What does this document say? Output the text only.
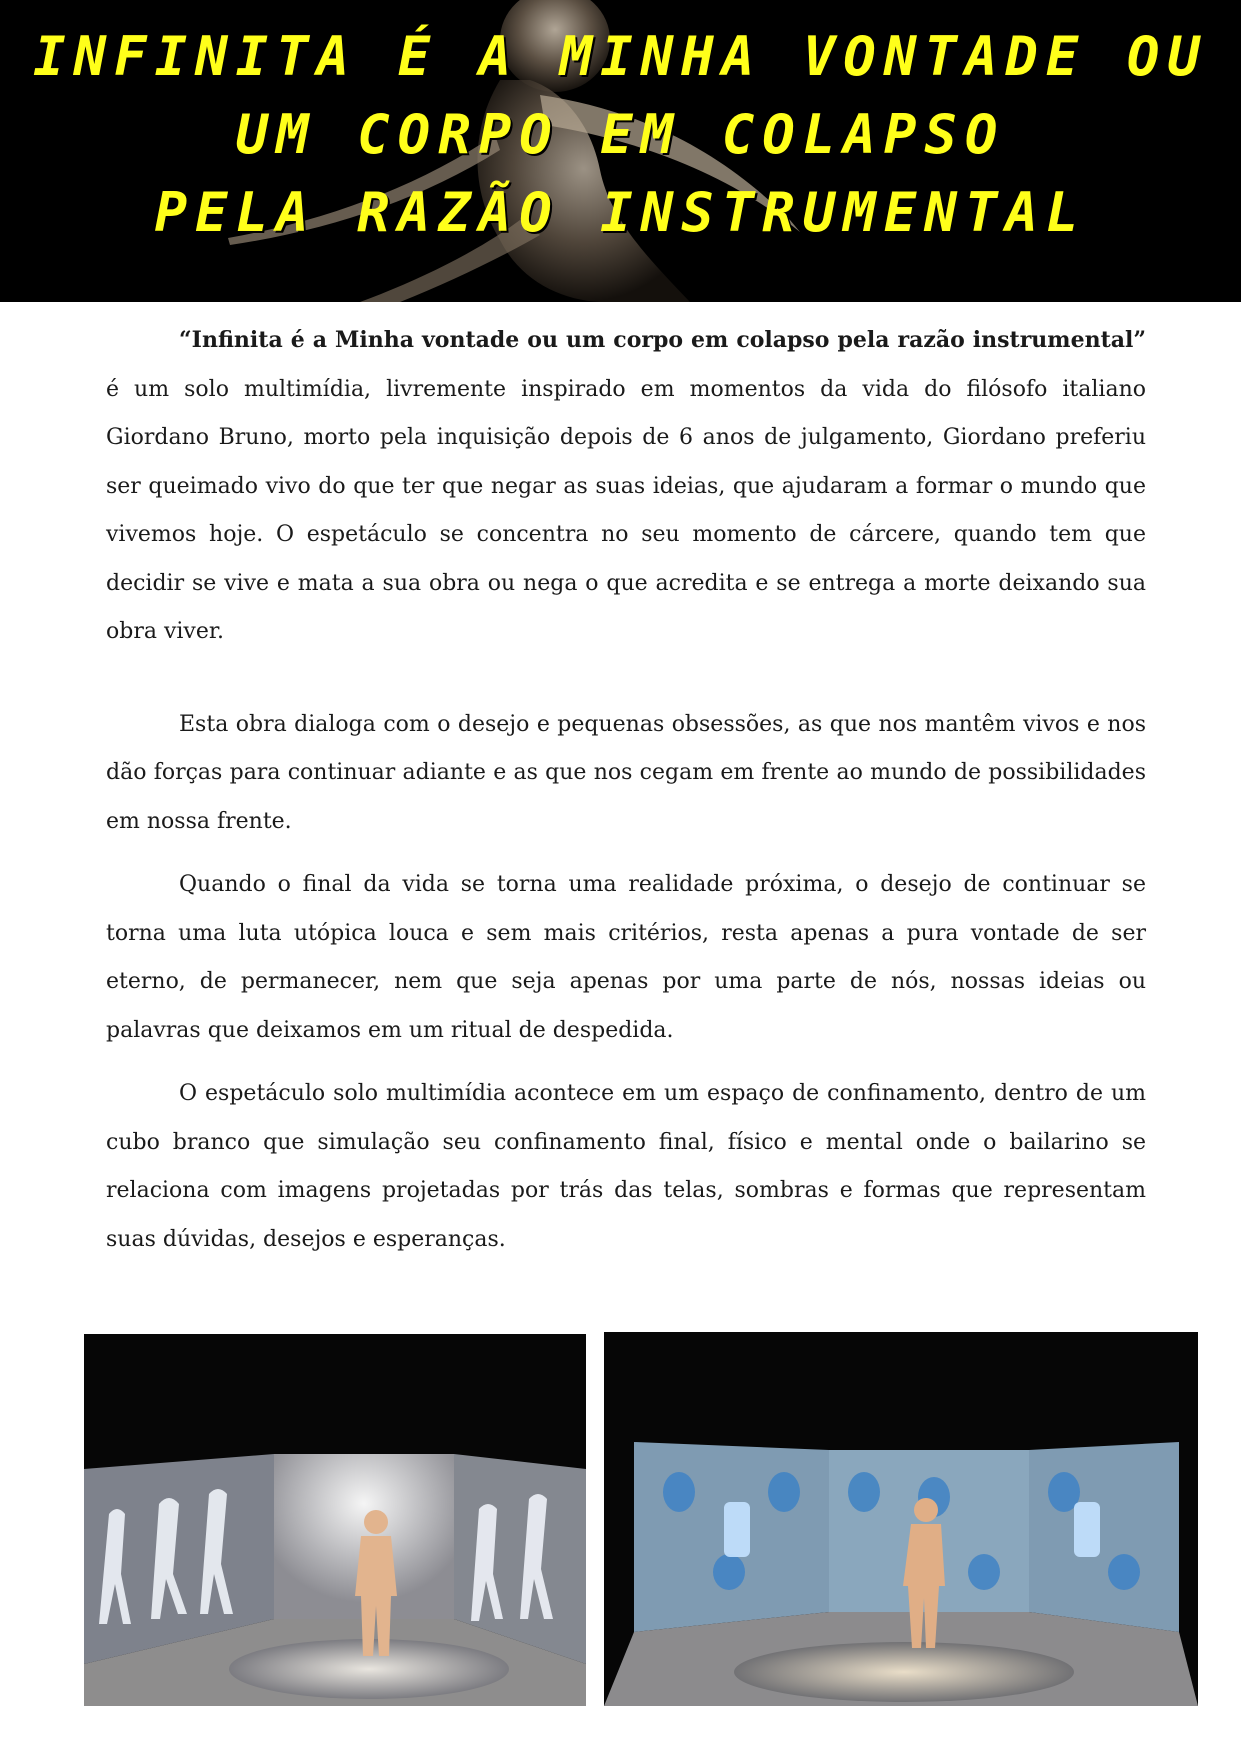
INFINITA É A MINHA VONTADE OU
UM CORPO EM COLAPSO
PELA RAZÃO INSTRUMENTAL

“Infinita é a Minha vontade ou um corpo em colapso pela razão instrumental” é um solo multimídia, livremente inspirado em momentos da vida do filósofo italiano Giordano Bruno, morto pela inquisição depois de 6 anos de julgamento, Giordano preferiu ser queimado vivo do que ter que negar as suas ideias, que ajudaram a formar o mundo que vivemos hoje. O espetáculo se concentra no seu momento de cárcere, quando tem que decidir se vive e mata a sua obra ou nega o que acredita e se entrega a morte deixando sua obra viver.

Esta obra dialoga com o desejo e pequenas obsessões, as que nos mantêm vivos e nos dão forças para continuar adiante e as que nos cegam em frente ao mundo de possibilidades em nossa frente.

Quando o final da vida se torna uma realidade próxima, o desejo de continuar se torna uma luta utópica louca e sem mais critérios, resta apenas a pura vontade de ser eterno, de permanecer, nem que seja apenas por uma parte de nós, nossas ideias ou palavras que deixamos em um ritual de despedida.

O espetáculo solo multimídia acontece em um espaço de confinamento, dentro de um cubo branco que simulação seu confinamento final, físico e mental onde o bailarino se relaciona com imagens projetadas por trás das telas, sombras e formas que representam suas dúvidas, desejos e esperanças.
